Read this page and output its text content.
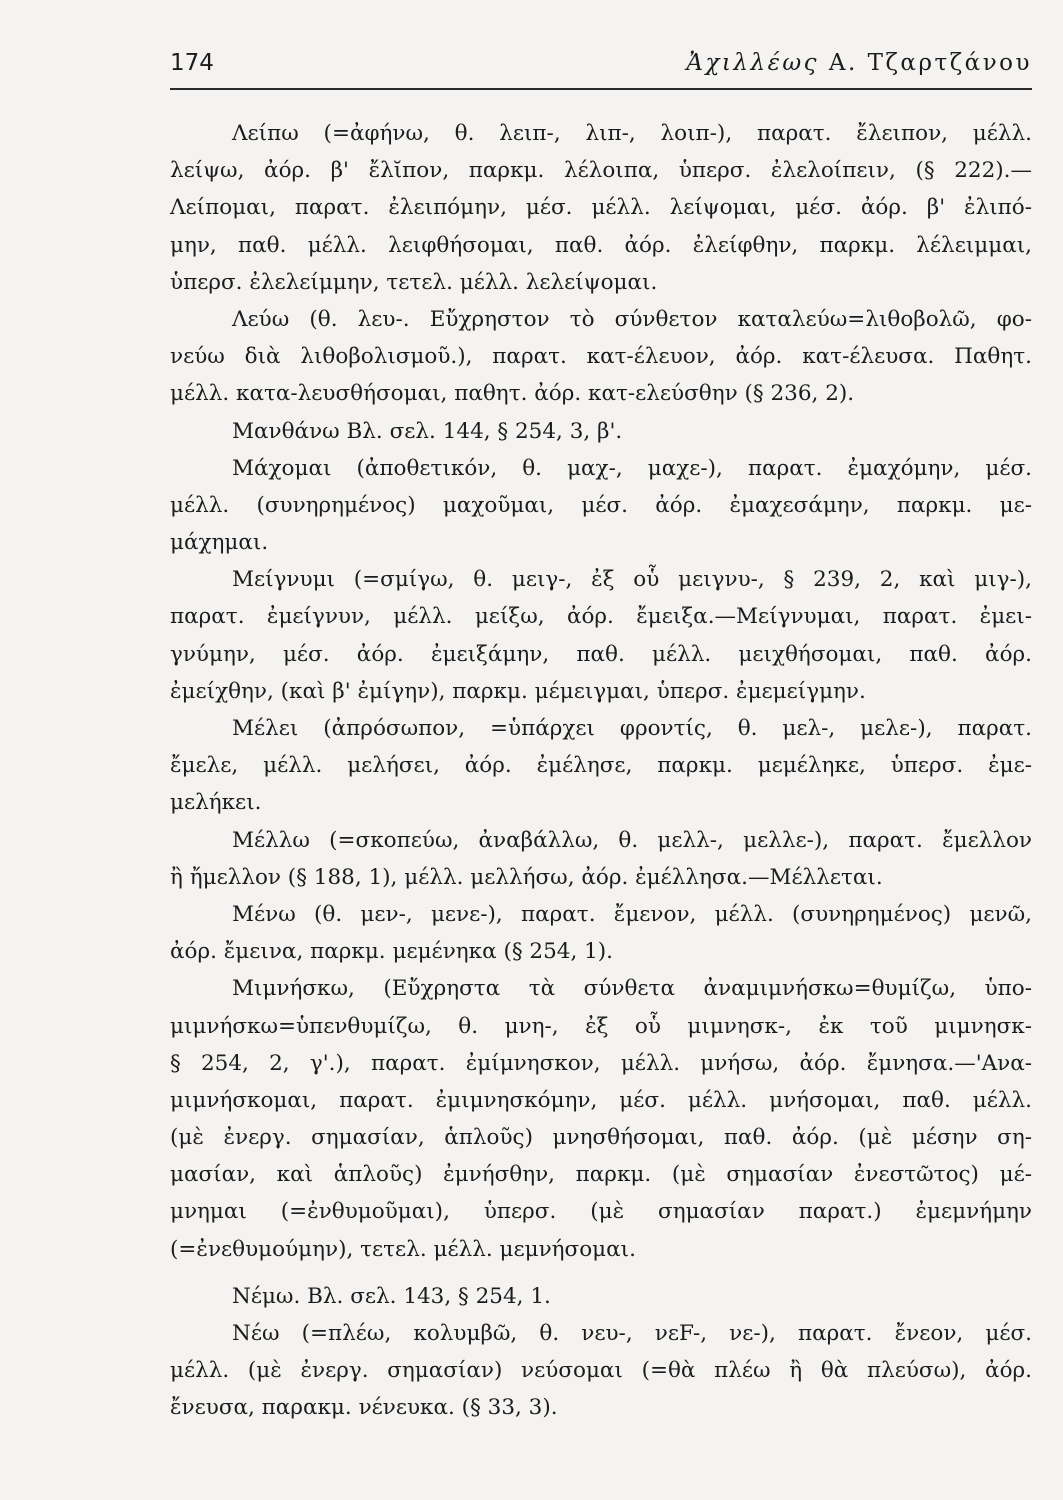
174	Ἀχιλλέως Α. Τζαρτζάνου
Λείπω (=ἀφήνω, θ. λειπ-, λιπ-, λοιπ-), παρατ. ἔλειπον, μέλλ.
λείψω, ἀόρ. β' ἔλῐπον, παρκμ. λέλοιπα, ὑπερσ. ἐλελοίπειν, (§ 222).—
Λείπομαι, παρατ. ἐλειπόμην, μέσ. μέλλ. λείψομαι, μέσ. ἀόρ. β' ἐλιπό-
μην, παθ. μέλλ. λειφθήσομαι, παθ. ἀόρ. ἐλείφθην, παρκμ. λέλειμμαι,
ὑπερσ. ἐλελείμμην, τετελ. μέλλ. λελείψομαι.
Λεύω (θ. λευ-. Εὔχρηστον τὸ σύνθετον καταλεύω=λιθοβολῶ, φο-
νεύω διὰ λιθοβολισμοῦ.), παρατ. κατ-έλευον, ἀόρ. κατ-έλευσα. Παθητ.
μέλλ. κατα-λευσθήσομαι, παθητ. ἀόρ. κατ-ελεύσθην (§ 236, 2).
Μανθάνω Βλ. σελ. 144, § 254, 3, β'.
Μάχομαι (ἀποθετικόν, θ. μαχ-, μαχε-), παρατ. ἐμαχόμην, μέσ.
μέλλ. (συνηρημένος) μαχοῦμαι, μέσ. ἀόρ. ἐμαχεσάμην, παρκμ. με-
μάχημαι.
Μείγνυμι (=σμίγω, θ. μειγ-, ἐξ οὗ μειγνυ-, § 239, 2, καὶ μιγ-),
παρατ. ἐμείγνυν, μέλλ. μείξω, ἀόρ. ἔμειξα.—Μείγνυμαι, παρατ. ἐμει-
γνύμην, μέσ. ἀόρ. ἐμειξάμην, παθ. μέλλ. μειχθήσομαι, παθ. ἀόρ.
ἐμείχθην, (καὶ β' ἐμίγην), παρκμ. μέμειγμαι, ὑπερσ. ἐμεμείγμην.
Μέλει (ἀπρόσωπον, =ὑπάρχει φροντίς, θ. μελ-, μελε-), παρατ.
ἔμελε, μέλλ. μελήσει, ἀόρ. ἐμέλησε, παρκμ. μεμέληκε, ὑπερσ. ἐμε-
μελήκει.
Μέλλω (=σκοπεύω, ἀναβάλλω, θ. μελλ-, μελλε-), παρατ. ἔμελλον
ἢ ἤμελλον (§ 188, 1), μέλλ. μελλήσω, ἀόρ. ἐμέλλησα.—Μέλλεται.
Μένω (θ. μεν-, μενε-), παρατ. ἔμενον, μέλλ. (συνηρημένος) μενῶ,
ἀόρ. ἔμεινα, παρκμ. μεμένηκα (§ 254, 1).
Μιμνήσκω, (Εὔχρηστα τὰ σύνθετα ἀναμιμνήσκω=θυμίζω, ὑπο-
μιμνήσκω=ὑπενθυμίζω, θ. μνη-, ἐξ οὗ μιμνησκ-, ἐκ τοῦ μιμνησκ-
§ 254, 2, γ'.), παρατ. ἐμίμνησκον, μέλλ. μνήσω, ἀόρ. ἔμνησα.—'Ανα-
μιμνήσκομαι, παρατ. ἐμιμνησκόμην, μέσ. μέλλ. μνήσομαι, παθ. μέλλ.
(μὲ ἐνεργ. σημασίαν, ἁπλοῦς) μνησθήσομαι, παθ. ἀόρ. (μὲ μέσην ση-
μασίαν, καὶ ἁπλοῦς) ἐμνήσθην, παρκμ. (μὲ σημασίαν ἐνεστῶτος) μέ-
μνημαι (=ἐνθυμοῦμαι), ὑπερσ. (μὲ σημασίαν παρατ.) ἐμεμνήμην
(=ἐνεθυμούμην), τετελ. μέλλ. μεμνήσομαι.
Νέμω. Βλ. σελ. 143, § 254, 1.
Νέω (=πλέω, κολυμβῶ, θ. νευ-, νεF-, νε-), παρατ. ἔνεον, μέσ.
μέλλ. (μὲ ἐνεργ. σημασίαν) νεύσομαι (=θὰ πλέω ἢ θὰ πλεύσω), ἀόρ.
ἔνευσα, παρακμ. νένευκα. (§ 33, 3).
